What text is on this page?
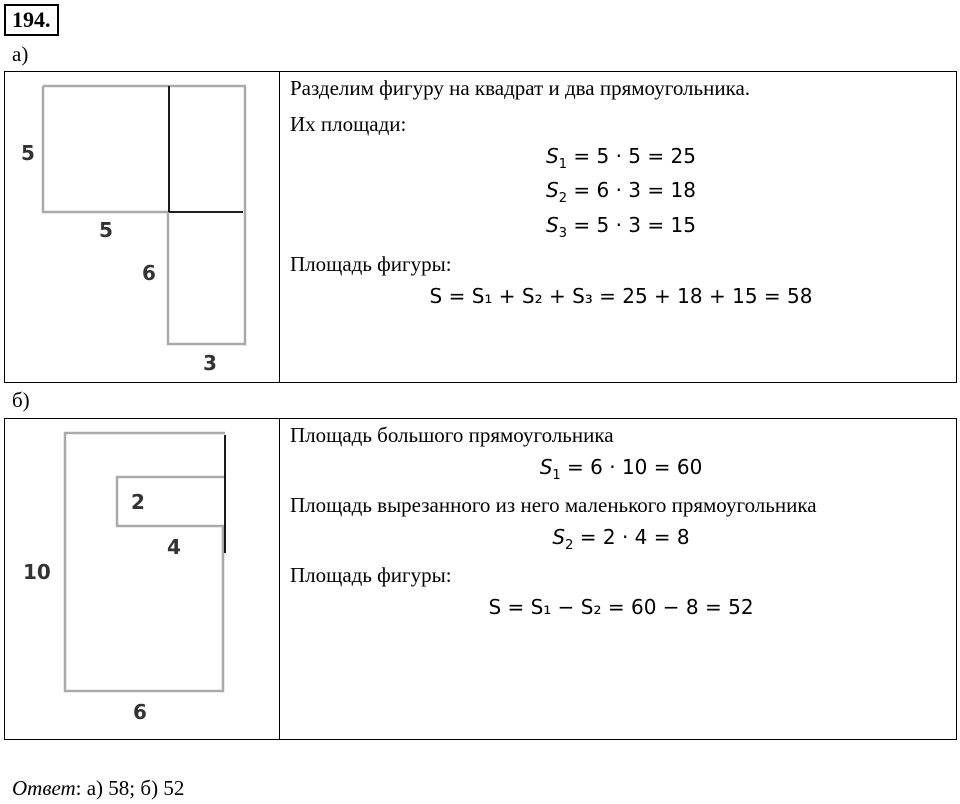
194.
а)
5
5
6
3
Разделим фигуру на квадрат и два прямоугольника.
Их площади:
$S_1 = 5 \cdot 5 = 25$
$S_2 = 6 \cdot 3 = 18$
$S_3 = 5 \cdot 3 = 15$
Площадь фигуры:
S = S₁ + S₂ + S₃ = 25 + 18 + 15 = 58
б)
2
4
10
6
Площадь большого прямоугольника
$S_1 = 6 \cdot 10 = 60$
Площадь вырезанного из него маленького прямоугольника
$S_2 = 2 \cdot 4 = 8$
Площадь фигуры:
S = S₁ − S₂ = 60 − 8 = 52
Ответ: а) 58; б) 52
